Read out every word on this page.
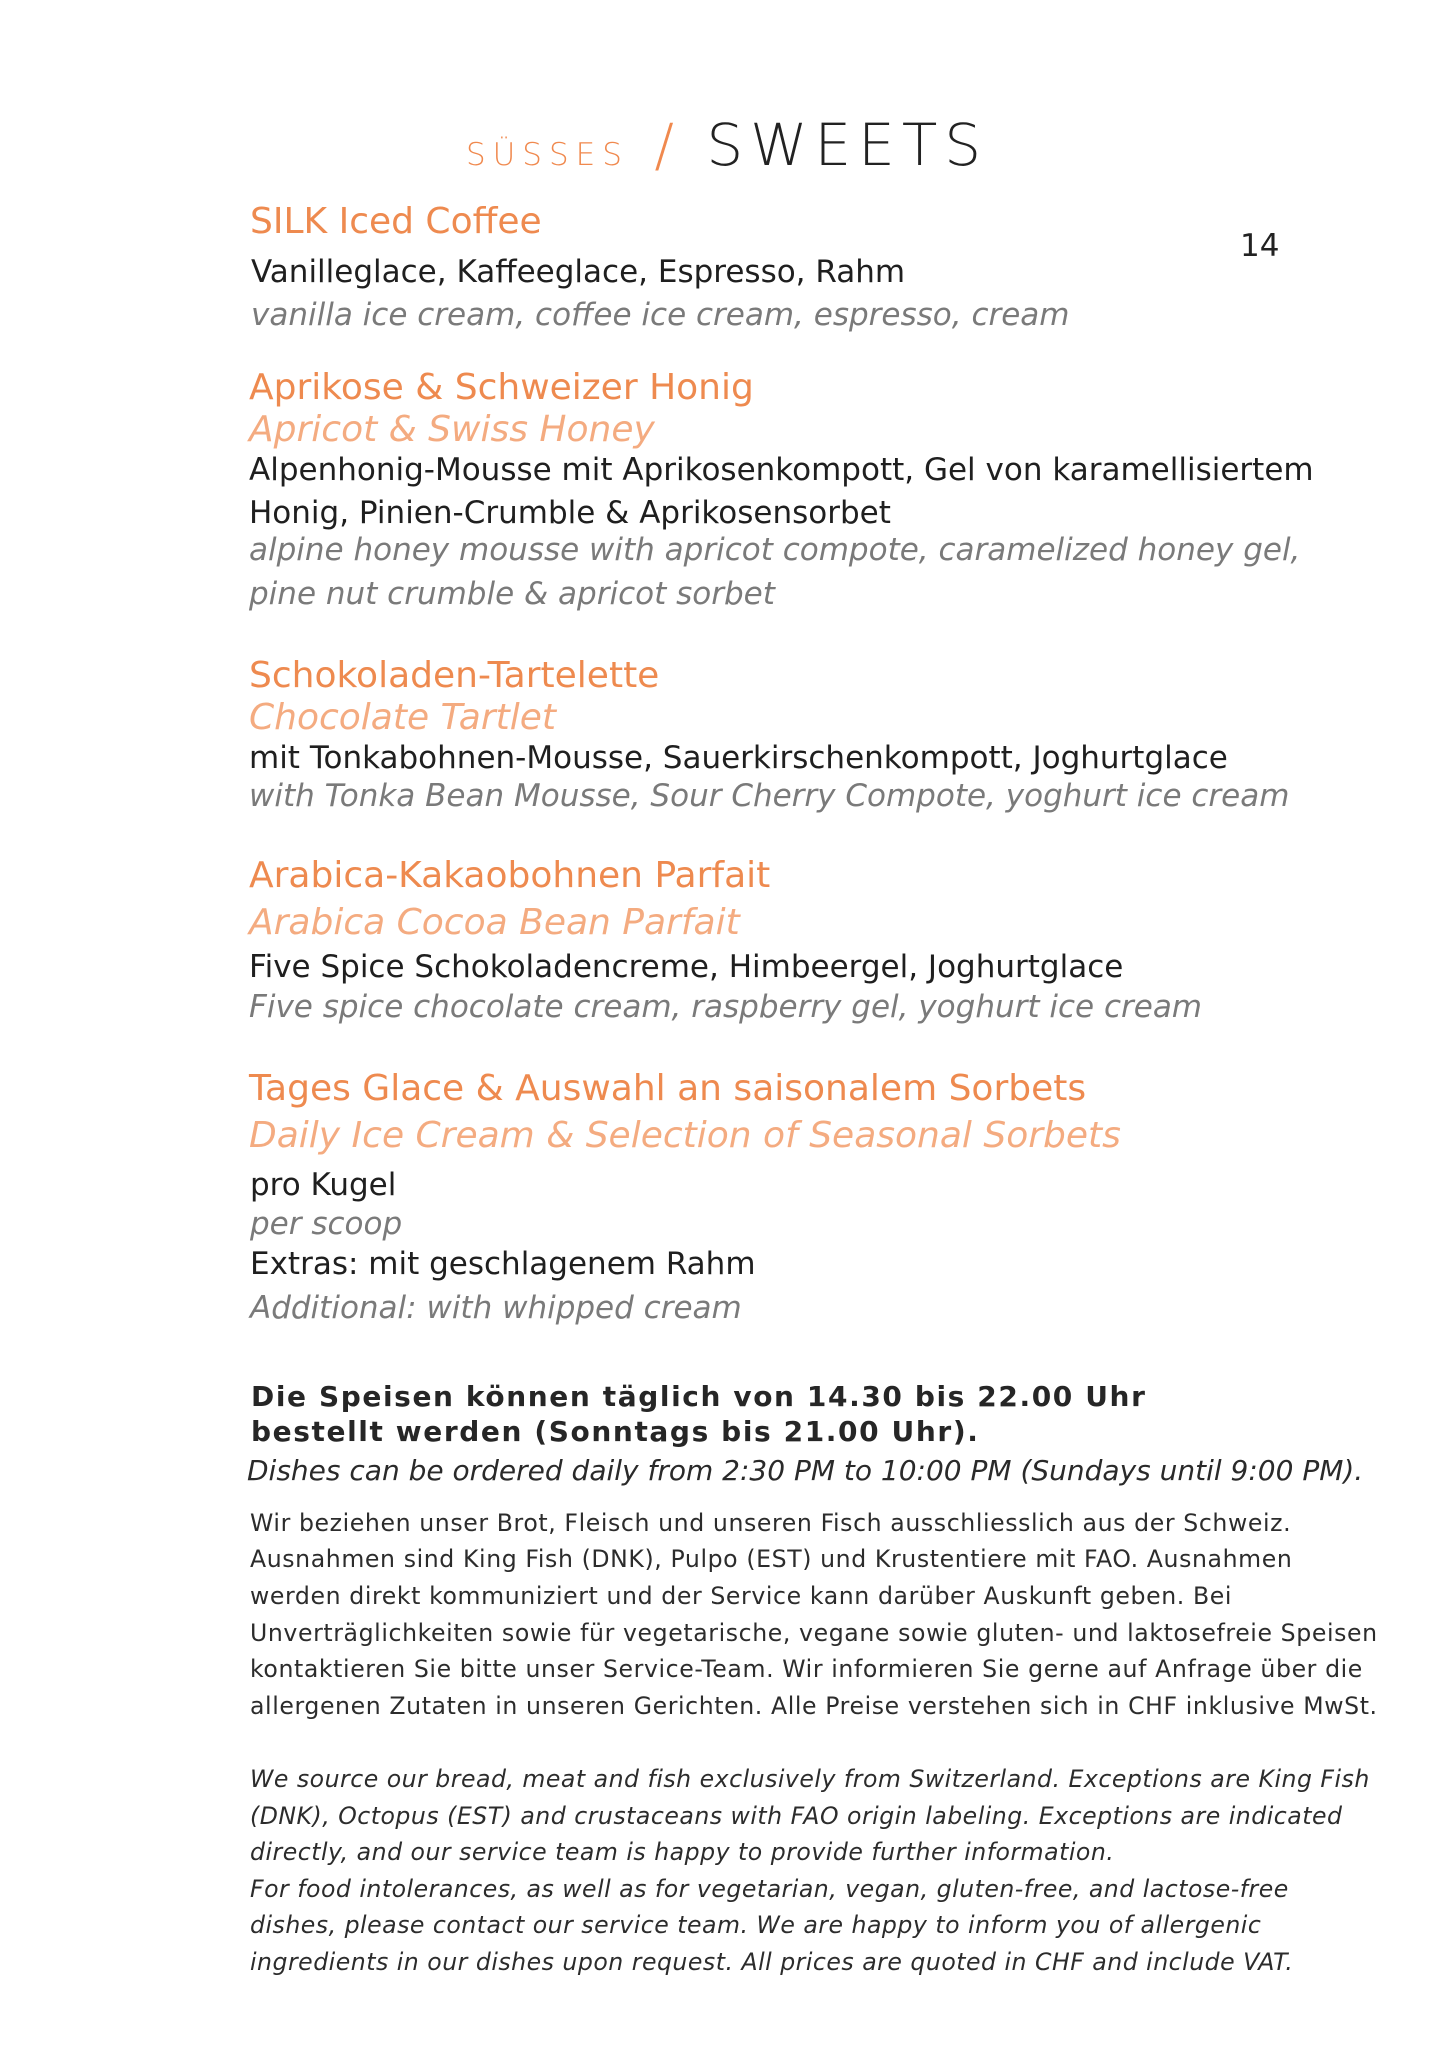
SÜSSES / SWEETS
SILK Iced Coffee
14
Vanilleglace, Kaffeeglace, Espresso, Rahm
vanilla ice cream, coffee ice cream, espresso, cream
Aprikose & Schweizer Honig
Apricot & Swiss Honey
Alpenhonig-Mousse mit Aprikosenkompott, Gel von karamellisiertem
Honig, Pinien-Crumble & Aprikosensorbet
alpine honey mousse with apricot compote, caramelized honey gel,
pine nut crumble & apricot sorbet
Schokoladen-Tartelette
Chocolate Tartlet
mit Tonkabohnen-Mousse, Sauerkirschenkompott, Joghurtglace
with Tonka Bean Mousse, Sour Cherry Compote, yoghurt ice cream
Arabica-Kakaobohnen Parfait
Arabica Cocoa Bean Parfait
Five Spice Schokoladencreme, Himbeergel, Joghurtglace
Five spice chocolate cream, raspberry gel, yoghurt ice cream
Tages Glace & Auswahl an saisonalem Sorbets
Daily Ice Cream & Selection of Seasonal Sorbets
pro Kugel
per scoop
Extras: mit geschlagenem Rahm
Additional: with whipped cream
Die Speisen können täglich von 14.30 bis 22.00 Uhr
bestellt werden (Sonntags bis 21.00 Uhr).
Dishes can be ordered daily from 2:30 PM to 10:00 PM (Sundays until 9:00 PM).
Wir beziehen unser Brot, Fleisch und unseren Fisch ausschliesslich aus der Schweiz.
Ausnahmen sind King Fish (DNK), Pulpo (EST) und Krustentiere mit FAO. Ausnahmen
werden direkt kommuniziert und der Service kann darüber Auskunft geben. Bei
Unverträglichkeiten sowie für vegetarische, vegane sowie gluten- und laktosefreie Speisen
kontaktieren Sie bitte unser Service-Team. Wir informieren Sie gerne auf Anfrage über die
allergenen Zutaten in unseren Gerichten. Alle Preise verstehen sich in CHF inklusive MwSt.
We source our bread, meat and fish exclusively from Switzerland. Exceptions are King Fish
(DNK), Octopus (EST) and crustaceans with FAO origin labeling. Exceptions are indicated
directly, and our service team is happy to provide further information.
For food intolerances, as well as for vegetarian, vegan, gluten-free, and lactose-free
dishes, please contact our service team. We are happy to inform you of allergenic
ingredients in our dishes upon request. All prices are quoted in CHF and include VAT.
